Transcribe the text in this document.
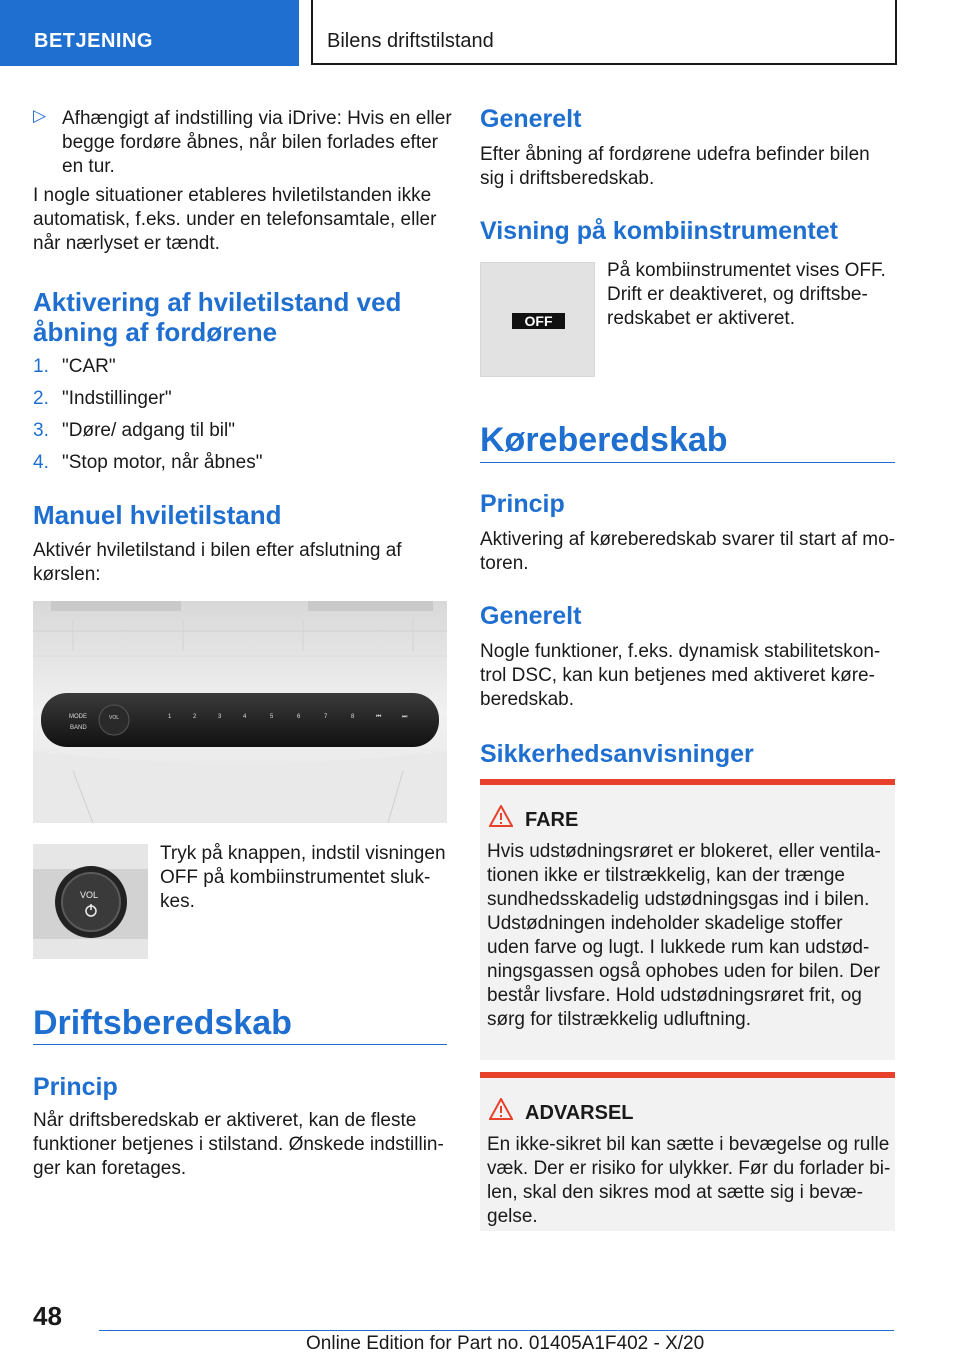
BETJENING	Bilens driftstilstand
▷ Afhængigt af indstilling via iDrive: Hvis en eller

begge fordøre åbnes, når bilen forlades efter

en tur.

I nogle situationer etableres hviletilstanden ikke

automatisk, f.eks. under en telefonsamtale, eller

når nærlyset er tændt.

Aktivering af hviletilstand ved

åbning af fordørene

1. "CAR"
2. "Indstillinger"
3. "Døre/ adgang til bil"
4. "Stop motor, når åbnes"

Manuel hviletilstand

Aktivér hviletilstand i bilen efter afslutning af

kørslen:

MODE
BAND
VOL	1	2	3	4	5	6	7	8	⏮	⏭
VOL

Tryk på knappen, indstil visningen

OFF på kombiinstrumentet sluk-

kes.

Driftsberedskab

Princip

Når driftsberedskab er aktiveret, kan de fleste

funktioner betjenes i stilstand. Ønskede indstillin-

ger kan foretages.

Generelt

Efter åbning af fordørene udefra befinder bilen

sig i driftsberedskab.

Visning på kombiinstrumentet

OFF

På kombiinstrumentet vises OFF.

Drift er deaktiveret, og driftsbe-

redskabet er aktiveret.

Køreberedskab

Princip

Aktivering af køreberedskab svarer til start af mo-

toren.

Generelt

Nogle funktioner, f.eks. dynamisk stabilitetskon-

trol DSC, kan kun betjenes med aktiveret køre-

beredskab.

Sikkerhedsanvisninger

FARE

Hvis udstødningsrøret er blokeret, eller ventila-

tionen ikke er tilstrækkelig, kan der trænge

sundhedsskadelig udstødningsgas ind i bilen.

Udstødningen indeholder skadelige stoffer

uden farve og lugt. I lukkede rum kan udstød-

ningsgassen også ophobes uden for bilen. Der

består livsfare. Hold udstødningsrøret frit, og

sørg for tilstrækkelig udluftning.

ADVARSEL

En ikke-sikret bil kan sætte i bevægelse og rulle

væk. Der er risiko for ulykker. Før du forlader bi-

len, skal den sikres mod at sætte sig i bevæ-

gelse.

48
Online Edition for Part no. 01405A1F402 - X/20
